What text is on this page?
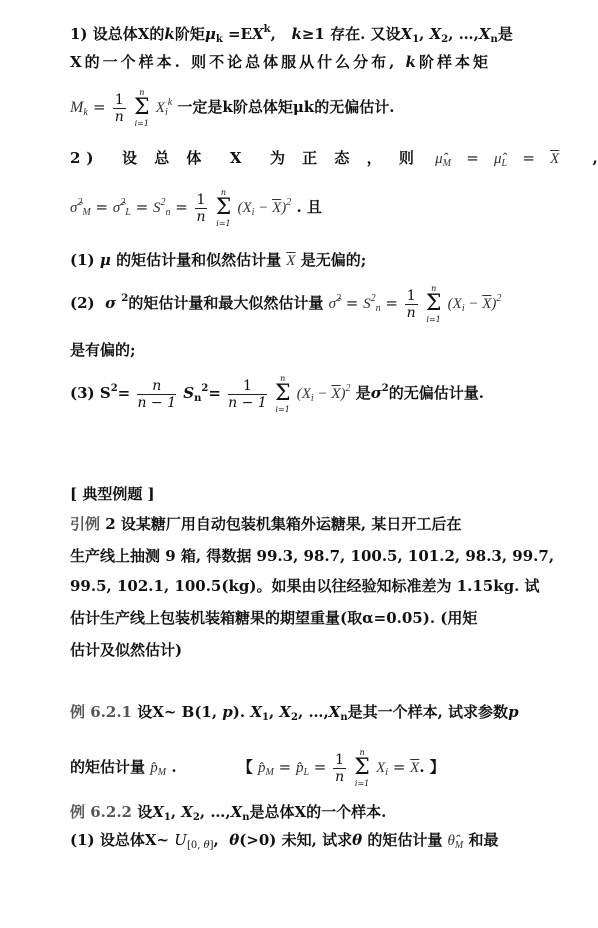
1) 设总体X的k阶矩$\mu_k =EX^k$,   k≥1 存在. 又设$X_1$, $X_2$, $\dots,X_n$是
X的一个样本. 则不论总体服从什么分布, k阶样本矩
$M_k = \frac{1}{n}$
	n
Σ
i=1
$X_i^k$ 一定是k阶总体矩μk的无偏估计.
2)  设 总 体  X  为 正 态 ， 则 $\mû_M$ = $\mû_L = \overline{X}$ ,
σ̂$^2_M$ = σ̂$^2_L$ = $S^2_n = \frac{1}{n}$
	n
Σ
i=1
$(X_i - \overline{X})^2$ . 且
(1) μ 的矩估计量和似然估计量 $\overline{X}$ 是无偏的;
(2)  σ $^2$的矩估计量和最大似然估计量 σ̂$^2$ = $S^2_n = \frac{1}{n}$
	n
Σ
i=1
$(X_i - \overline{X})^2$
是有偏的;
(3) $S^2= \frac{n}{n - 1} S_n^2= \frac{1}{n - 1}$
	n
Σ
i=1
$(X_i - \overline{X})^2$ 是$\sigma^2$的无偏估计量.
[ 典型例题 ]
引例 2 设某糖厂用自动包装机集箱外运糖果, 某日开工后在
生产线上抽测 9 箱, 得数据 99.3, 98.7, 100.5, 101.2, 98.3, 99.7,
99.5, 102.1, 100.5(kg)。如果由以往经验知标准差为 1.15kg. 试
估计生产线上包装机装箱糖果的期望重量(取α=0.05). (用矩
估计及似然估计)
例 6.2.1 设X~ B(1, p). $X_1$, $X_2$, $\dots,X_n$是其一个样本, 试求参数p
的矩估计量 $p̂_M$ .	【 $p̂_M$ = $p̂_L = \frac{1}{n}$
	n
Σ
i=1
$X_i = \overline{X}$. 】
例 6.2.2 设$X_1$, $X_2$, $\dots,X_n$是总体X的一个样本.
(1) 设总体X~ $U_{[0, \theta]}$,  θ(>0) 未知, 试求θ 的矩估计量 $\thetâ_M$ 和最
